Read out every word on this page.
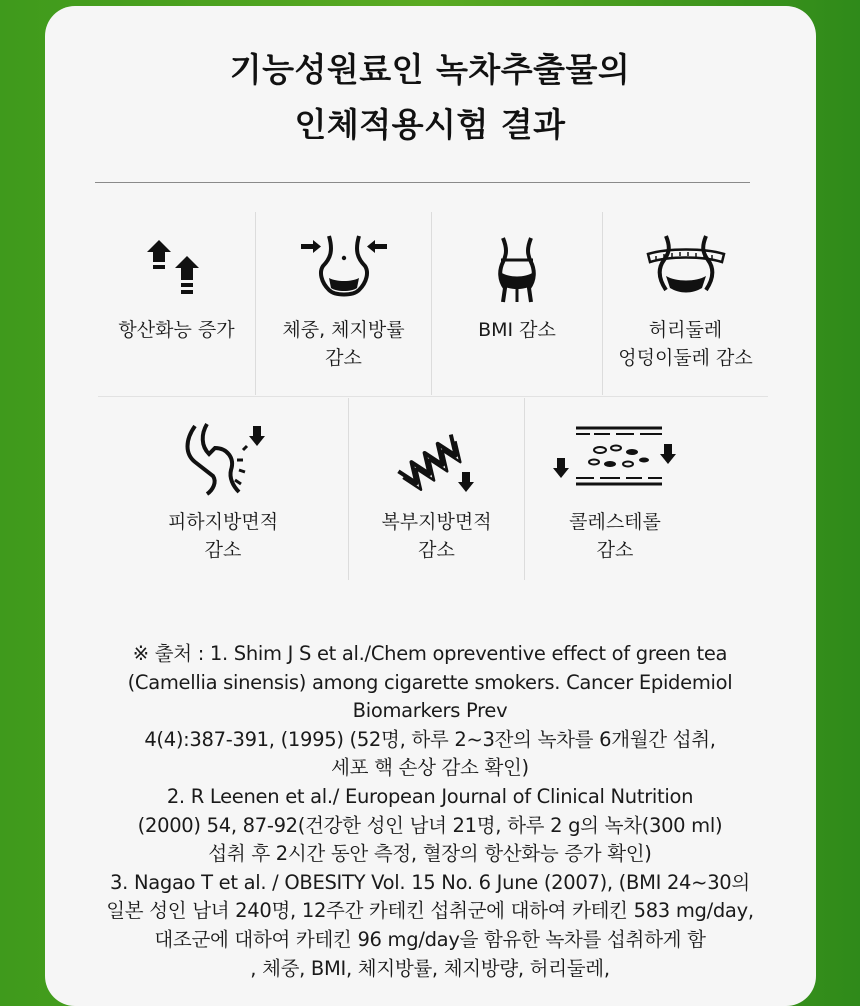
기능성원료인 녹차추출물의
인체적용시험 결과
항산화능 증가	체중, 체지방률
감소
BMI 감소	허리둘레
엉덩이둘레 감소
피하지방면적
감소
복부지방면적
감소
콜레스테롤
감소
※ 출처 : 1. Shim J S et al./Chem opreventive effect of green tea
(Camellia sinensis) among cigarette smokers. Cancer Epidemiol
Biomarkers Prev
4(4):387-391, (1995) (52명, 하루 2~3잔의 녹차를 6개월간 섭취,
세포 핵 손상 감소 확인)
2. R Leenen et al./ European Journal of Clinical Nutrition
(2000) 54, 87-92(건강한 성인 남녀 21명, 하루 2 g의 녹차(300 ml)
섭취 후 2시간 동안 측정, 혈장의 항산화능 증가 확인)
3. Nagao T et al. / OBESITY Vol. 15 No. 6 June (2007), (BMI 24~30의
일본 성인 남녀 240명, 12주간 카테킨 섭취군에 대하여 카테킨 583 mg/day,
대조군에 대하여 카테킨 96 mg/day을 함유한 녹차를 섭취하게 함
, 체중, BMI, 체지방률, 체지방량, 허리둘레,
